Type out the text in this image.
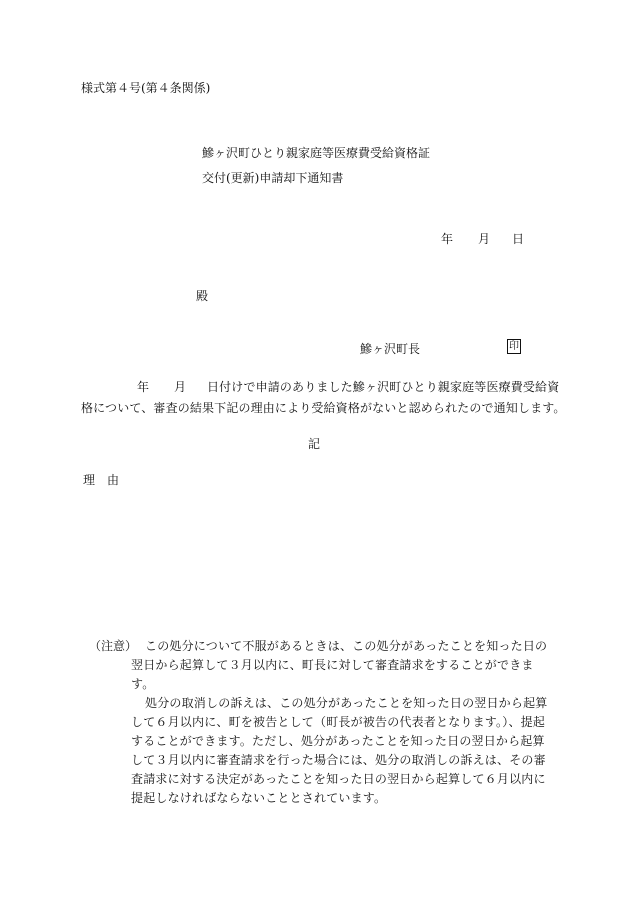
様式第４号(第４条関係)
鰺ヶ沢町ひとり親家庭等医療費受給資格証
交付(更新)申請却下通知書
年 月 日
殿
鰺ヶ沢町長	印
年 月 日付けで申請のありました鰺ヶ沢町ひとり親家庭等医療費受給資
格について、審査の結果下記の理由により受給資格がないと認められたので通知します。
記
理 由
（注意） この処分について不服があるときは、この処分があったことを知った日の
翌日から起算して３月以内に、町長に対して審査請求をすることができま
す。
処分の取消しの訴えは、この処分があったことを知った日の翌日から起算
して６月以内に、町を被告として（町長が被告の代表者となります。）、提起
することができます。ただし、処分があったことを知った日の翌日から起算
して３月以内に審査請求を行った場合には、処分の取消しの訴えは、その審
査請求に対する決定があったことを知った日の翌日から起算して６月以内に
提起しなければならないこととされています。
